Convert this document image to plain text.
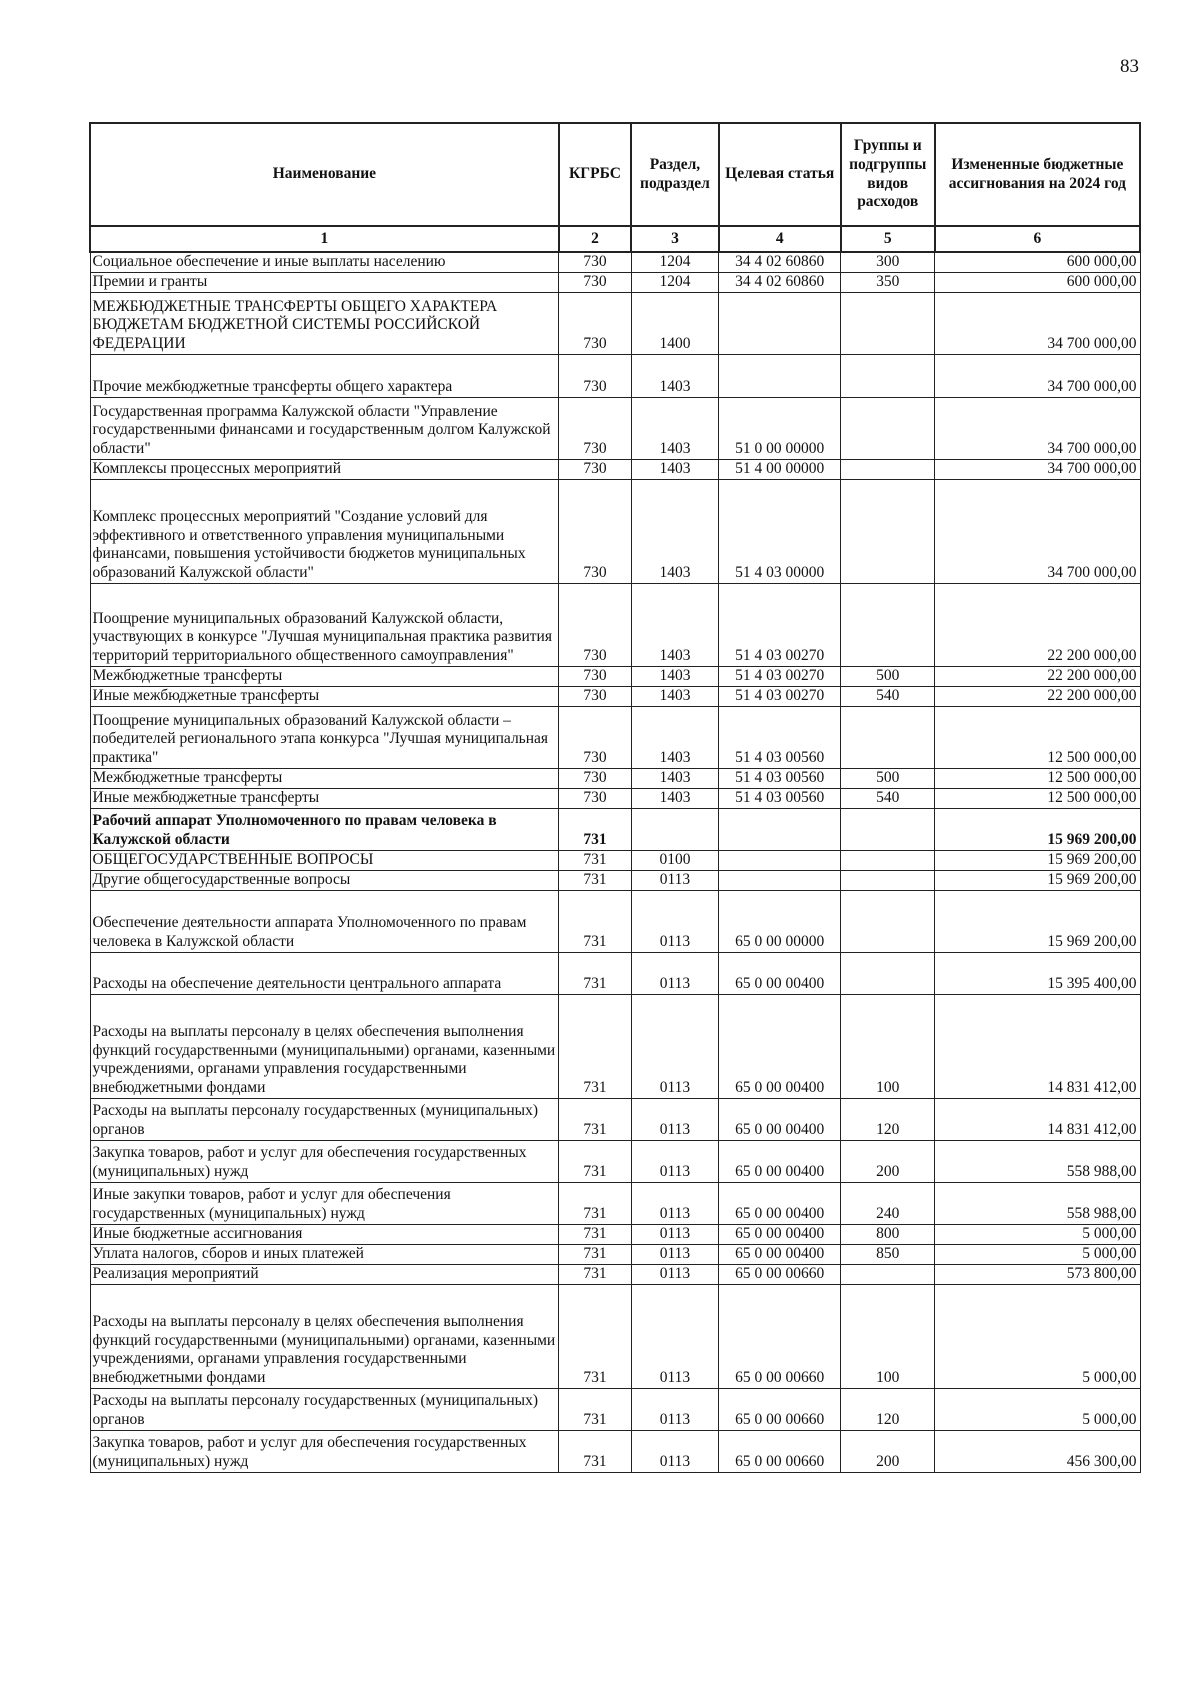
83
Наименование	КГРБС	Раздел, подраздел	Целевая статья	Группы и подгруппы видов расходов	Измененные бюджетные ассигнования на 2024 год
1	2	3	4	5	6
Социальное обеспечение и иные выплаты населению	730	1204	34 4 02 60860	300	600 000,00
Премии и гранты	730	1204	34 4 02 60860	350	600 000,00
МЕЖБЮДЖЕТНЫЕ ТРАНСФЕРТЫ ОБЩЕГО ХАРАКТЕРА БЮДЖЕТАМ БЮДЖЕТНОЙ СИСТЕМЫ РОССИЙСКОЙ ФЕДЕРАЦИИ	730	1400			34 700 000,00
Прочие межбюджетные трансферты общего характера	730	1403			34 700 000,00
Государственная программа Калужской области "Управление государственными финансами и государственным долгом Калужской области"	730	1403	51 0 00 00000		34 700 000,00
Комплексы процессных мероприятий	730	1403	51 4 00 00000		34 700 000,00
Комплекс процессных мероприятий "Создание условий для эффективного и ответственного управления муниципальными финансами, повышения устойчивости бюджетов муниципальных образований Калужской области"	730	1403	51 4 03 00000		34 700 000,00
Поощрение муниципальных образований Калужской области, участвующих в конкурсе "Лучшая муниципальная практика развития территорий территориального общественного самоуправления"	730	1403	51 4 03 00270		22 200 000,00
Межбюджетные трансферты	730	1403	51 4 03 00270	500	22 200 000,00
Иные межбюджетные трансферты	730	1403	51 4 03 00270	540	22 200 000,00
Поощрение муниципальных образований Калужской области – победителей регионального этапа конкурса "Лучшая муниципальная практика"	730	1403	51 4 03 00560		12 500 000,00
Межбюджетные трансферты	730	1403	51 4 03 00560	500	12 500 000,00
Иные межбюджетные трансферты	730	1403	51 4 03 00560	540	12 500 000,00
Рабочий аппарат Уполномоченного по правам человека в Калужской области	731				15 969 200,00
ОБЩЕГОСУДАРСТВЕННЫЕ ВОПРОСЫ	731	0100			15 969 200,00
Другие общегосударственные вопросы	731	0113			15 969 200,00
Обеспечение деятельности аппарата Уполномоченного по правам человека в Калужской области	731	0113	65 0 00 00000		15 969 200,00
Расходы на обеспечение деятельности центрального аппарата	731	0113	65 0 00 00400		15 395 400,00
Расходы на выплаты персоналу в целях обеспечения выполнения функций государственными (муниципальными) органами, казенными учреждениями, органами управления государственными внебюджетными фондами	731	0113	65 0 00 00400	100	14 831 412,00
Расходы на выплаты персоналу государственных (муниципальных) органов	731	0113	65 0 00 00400	120	14 831 412,00
Закупка товаров, работ и услуг для обеспечения государственных (муниципальных) нужд	731	0113	65 0 00 00400	200	558 988,00
Иные закупки товаров, работ и услуг для обеспечения государственных (муниципальных) нужд	731	0113	65 0 00 00400	240	558 988,00
Иные бюджетные ассигнования	731	0113	65 0 00 00400	800	5 000,00
Уплата налогов, сборов и иных платежей	731	0113	65 0 00 00400	850	5 000,00
Реализация мероприятий	731	0113	65 0 00 00660		573 800,00
Расходы на выплаты персоналу в целях обеспечения выполнения функций государственными (муниципальными) органами, казенными учреждениями, органами управления государственными внебюджетными фондами	731	0113	65 0 00 00660	100	5 000,00
Расходы на выплаты персоналу государственных (муниципальных) органов	731	0113	65 0 00 00660	120	5 000,00
Закупка товаров, работ и услуг для обеспечения государственных (муниципальных) нужд	731	0113	65 0 00 00660	200	456 300,00
